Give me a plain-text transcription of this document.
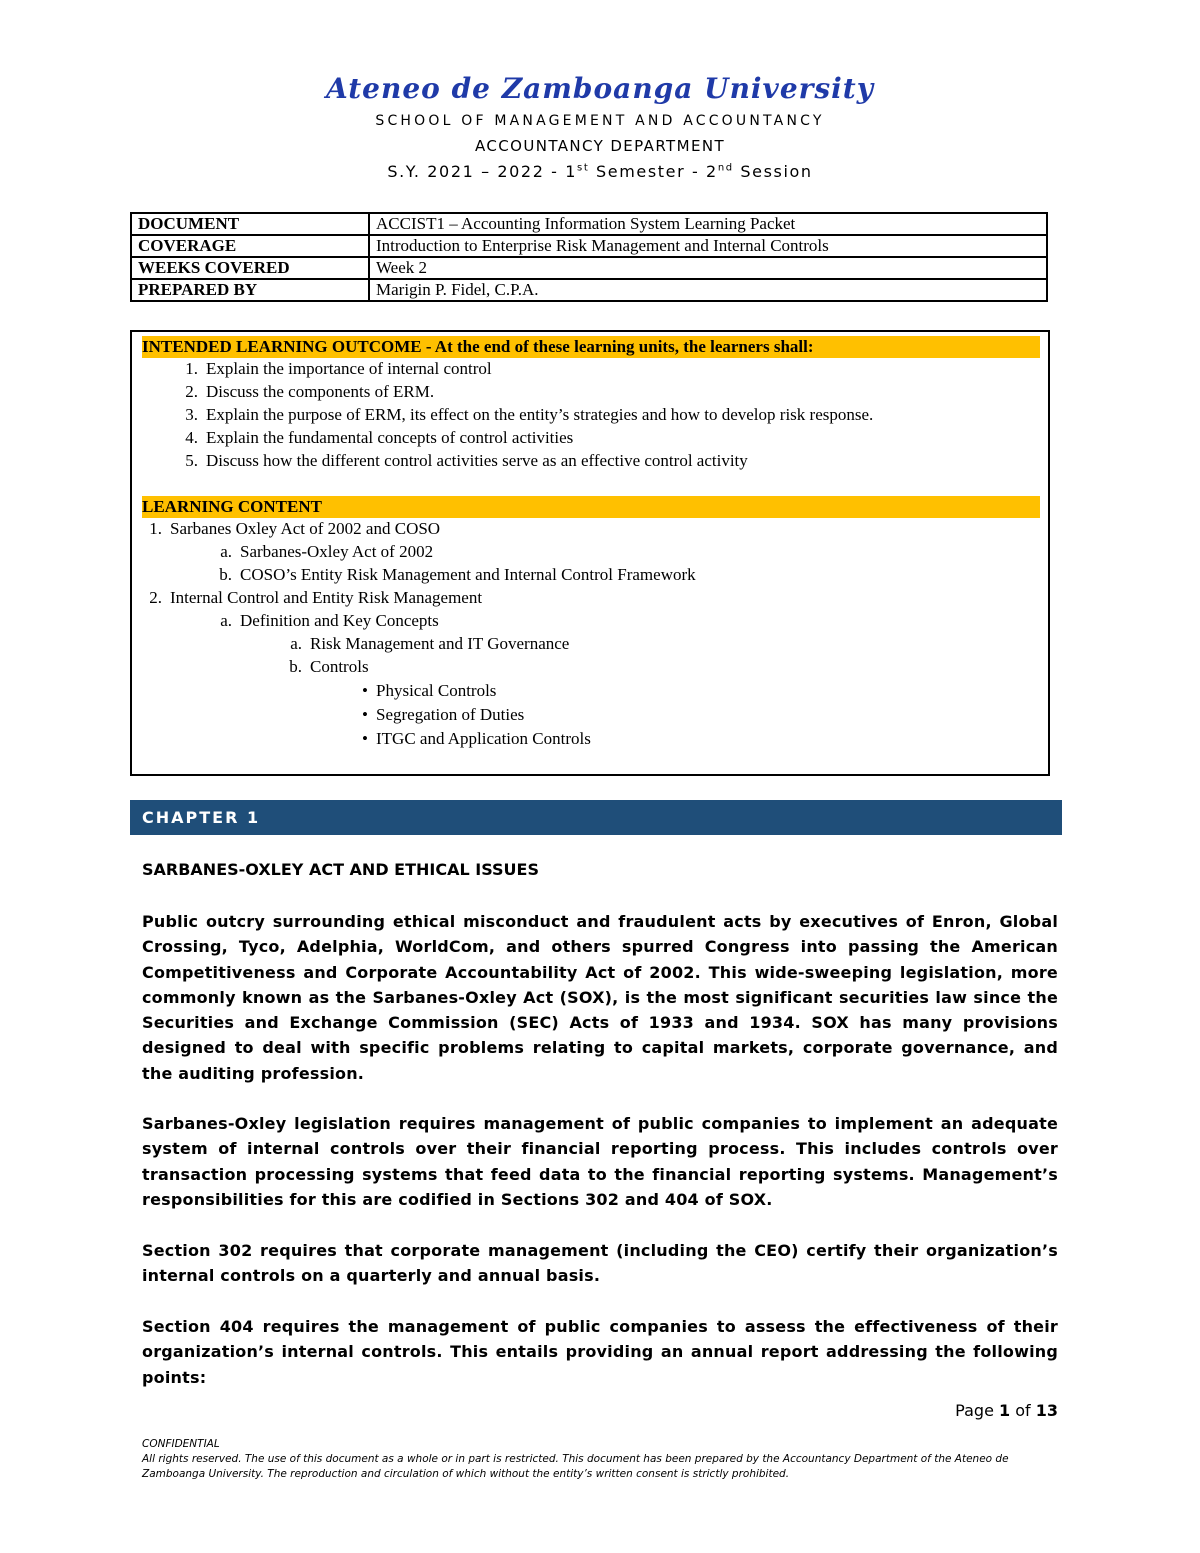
Ateneo de Zamboanga University
SCHOOL OF MANAGEMENT AND ACCOUNTANCY
ACCOUNTANCY DEPARTMENT
S.Y. 2021 – 2022 - 1st Semester - 2nd Session
DOCUMENT	ACCIST1 – Accounting Information System Learning Packet
COVERAGE	Introduction to Enterprise Risk Management and Internal Controls
WEEKS COVERED	Week 2
PREPARED BY	Marigin P. Fidel, C.P.A.
INTENDED LEARNING OUTCOME - At the end of these learning units, the learners shall:
1. Explain the importance of internal control
2. Discuss the components of ERM.
3. Explain the purpose of ERM, its effect on the entity’s strategies and how to develop risk response.
4. Explain the fundamental concepts of control activities
5. Discuss how the different control activities serve as an effective control activity
LEARNING CONTENT
1. Sarbanes Oxley Act of 2002 and COSO
a. Sarbanes-Oxley Act of 2002
b. COSO’s Entity Risk Management and Internal Control Framework
2. Internal Control and Entity Risk Management
a. Definition and Key Concepts
a. Risk Management and IT Governance
b. Controls
• Physical Controls
• Segregation of Duties
• ITGC and Application Controls
CHAPTER 1
SARBANES-OXLEY ACT AND ETHICAL ISSUES
Public outcry surrounding ethical misconduct and fraudulent acts by executives of Enron, Global Crossing, Tyco, Adelphia, WorldCom, and others spurred Congress into passing the American Competitiveness and Corporate Accountability Act of 2002. This wide-sweeping legislation, more commonly known as the Sarbanes-Oxley Act (SOX), is the most significant securities law since the Securities and Exchange Commission (SEC) Acts of 1933 and 1934. SOX has many provisions designed to deal with specific problems relating to capital markets, corporate governance, and the auditing profession.
Sarbanes-Oxley legislation requires management of public companies to implement an adequate system of internal controls over their financial reporting process. This includes controls over transaction processing systems that feed data to the financial reporting systems. Management’s responsibilities for this are codified in Sections 302 and 404 of SOX.
Section 302 requires that corporate management (including the CEO) certify their organization’s internal controls on a quarterly and annual basis.
Section 404 requires the management of public companies to assess the effectiveness of their organization’s internal controls. This entails providing an annual report addressing the following points:
Page 1 of 13
CONFIDENTIAL
All rights reserved. The use of this document as a whole or in part is restricted. This document has been prepared by the Accountancy Department of the Ateneo de Zamboanga University. The reproduction and circulation of which without the entity’s written consent is strictly prohibited.
